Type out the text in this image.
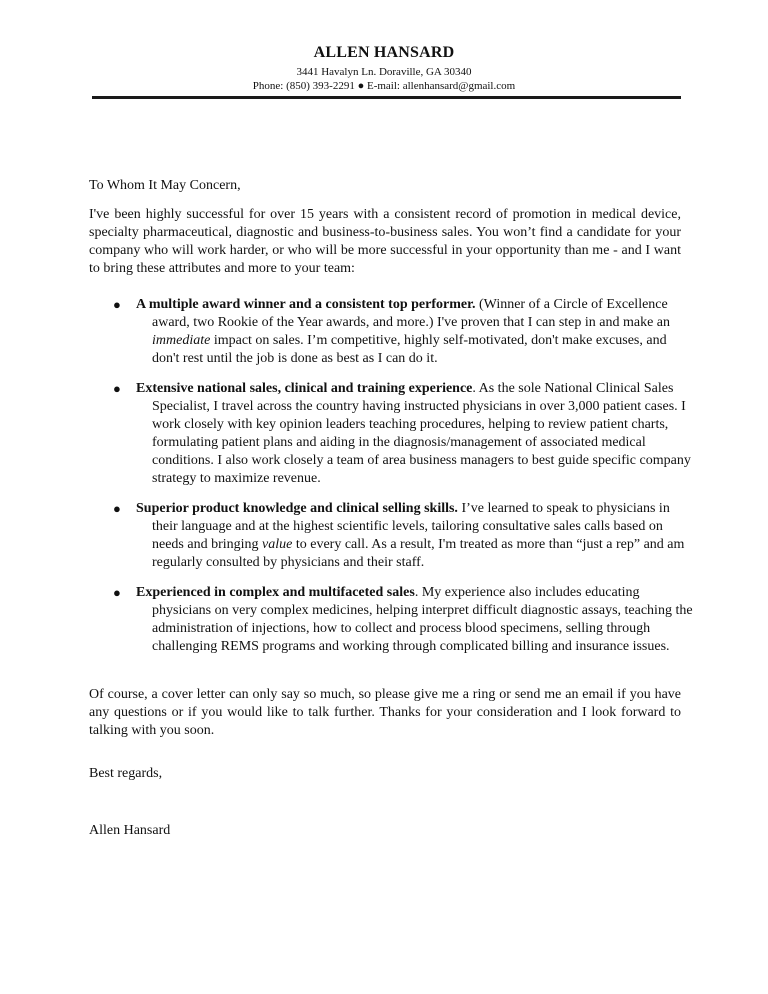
ALLEN HANSARD
3441 Havalyn Ln. Doraville, GA 30340
Phone: (850) 393-2291 ● E-mail: allenhansard@gmail.com
To Whom It May Concern,
I've been highly successful for over 15 years with a consistent record of promotion in medical device, specialty pharmaceutical, diagnostic and business-to-business sales. You won’t find a candidate for your company who will work harder, or who will be more successful in your opportunity than me - and I want to bring these attributes and more to your team:
● A multiple award winner and a consistent top performer. (Winner of a Circle of Excellence award, two Rookie of the Year awards, and more.) I've proven that I can step in and make an immediate impact on sales. I’m competitive, highly self-motivated, don't make excuses, and don't rest until the job is done as best as I can do it.
● Extensive national sales, clinical and training experience. As the sole National Clinical Sales Specialist, I travel across the country having instructed physicians in over 3,000 patient cases. I work closely with key opinion leaders teaching procedures, helping to review patient charts, formulating patient plans and aiding in the diagnosis/management of associated medical conditions. I also work closely a team of area business managers to best guide specific company strategy to maximize revenue.
● Superior product knowledge and clinical selling skills. I’ve learned to speak to physicians in their language and at the highest scientific levels, tailoring consultative sales calls based on needs and bringing value to every call. As a result, I'm treated as more than “just a rep” and am regularly consulted by physicians and their staff.
● Experienced in complex and multifaceted sales. My experience also includes educating physicians on very complex medicines, helping interpret difficult diagnostic assays, teaching the administration of injections, how to collect and process blood specimens, selling through challenging REMS programs and working through complicated billing and insurance issues.
Of course, a cover letter can only say so much, so please give me a ring or send me an email if you have any questions or if you would like to talk further. Thanks for your consideration and I look forward to talking with you soon.
Best regards,
Allen Hansard
